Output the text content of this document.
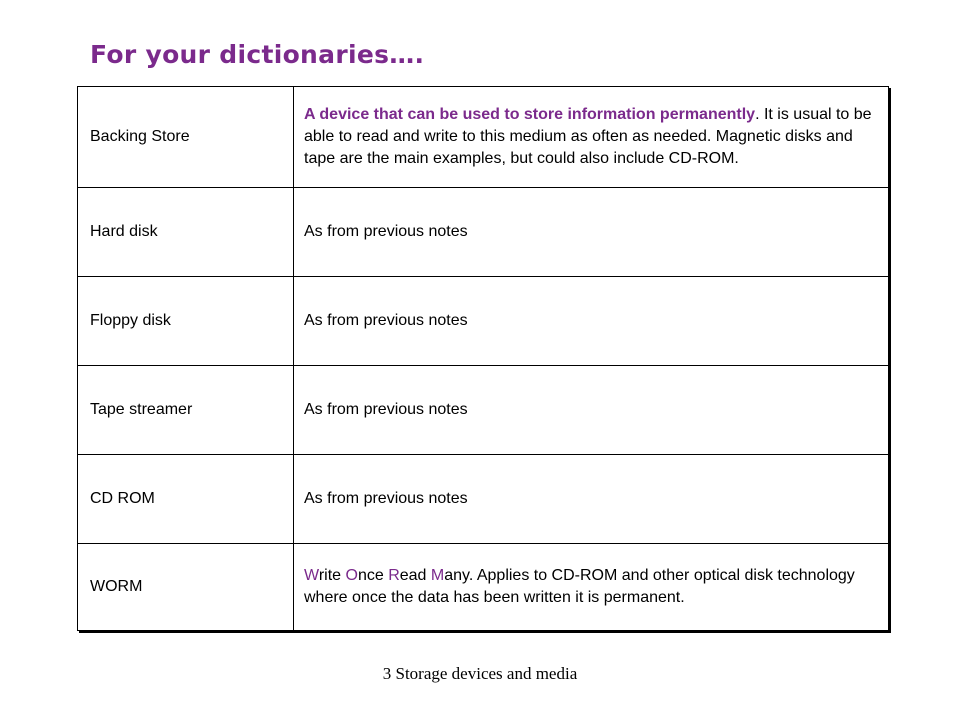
For your dictionaries….
Backing Store	A device that can be used to store information permanently. It is usual to be able to read and write to this medium as often as needed. Magnetic disks and tape are the main examples, but could also include CD-ROM.
Hard disk	As from previous notes
Floppy disk	As from previous notes
Tape streamer	As from previous notes
CD ROM	As from previous notes
WORM	Write Once Read Many. Applies to CD-ROM and other optical disk technology where once the data has been written it is permanent.
3 Storage devices and media
